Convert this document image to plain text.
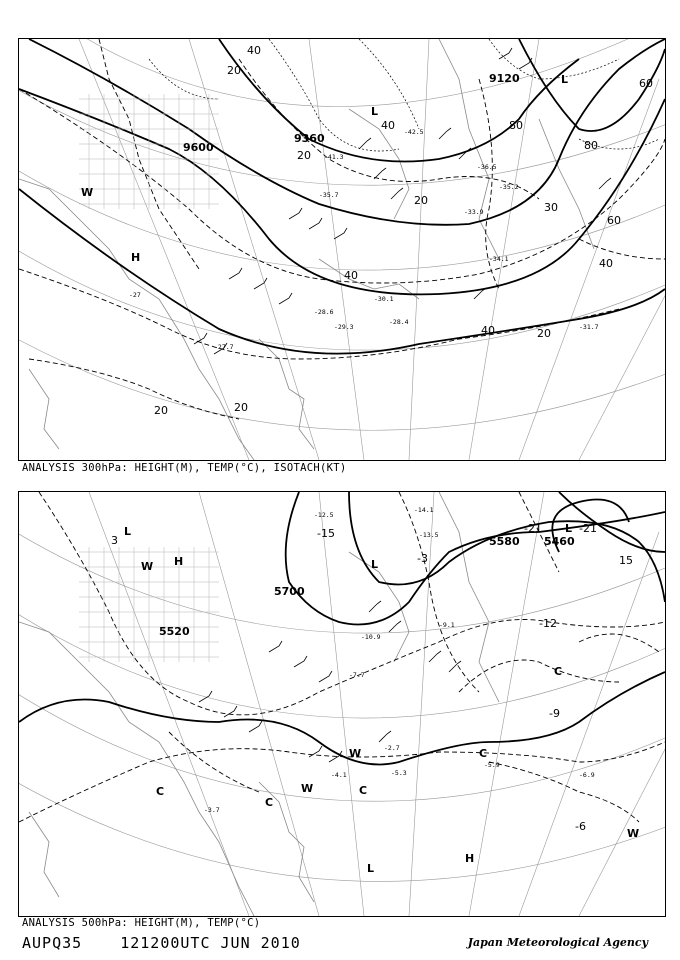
-27.7
-28.6
-33.9
-34.1
-31.7
-36.5
-41.3
-42.5
-35.7
-29.3
-30.1
-28.4
-27
-35.2
9600
9360
9120
20
40
60
80
20
40
20
40
60
80
30
20	20
40
20
40
H
L
L
W
ANALYSIS 300hPa: HEIGHT(M), TEMP(°C), ISOTACH(KT)
-2.7
-5.3
-4.1
-7.7
-10.9
-14.1
-13.5
-12.5
-3.7
-6.9
-5.9
-9.1
5700
5580 5460
5520
-15	-21
-12
-9
-6
-3
3
15
-21
H
H
L
L	L
W
W
W
W
C
C
C
C
C
L
ANALYSIS 500hPa: HEIGHT(M), TEMP(°C)
AUPQ35	121200UTC JUN 2010	Japan Meteorological Agency
